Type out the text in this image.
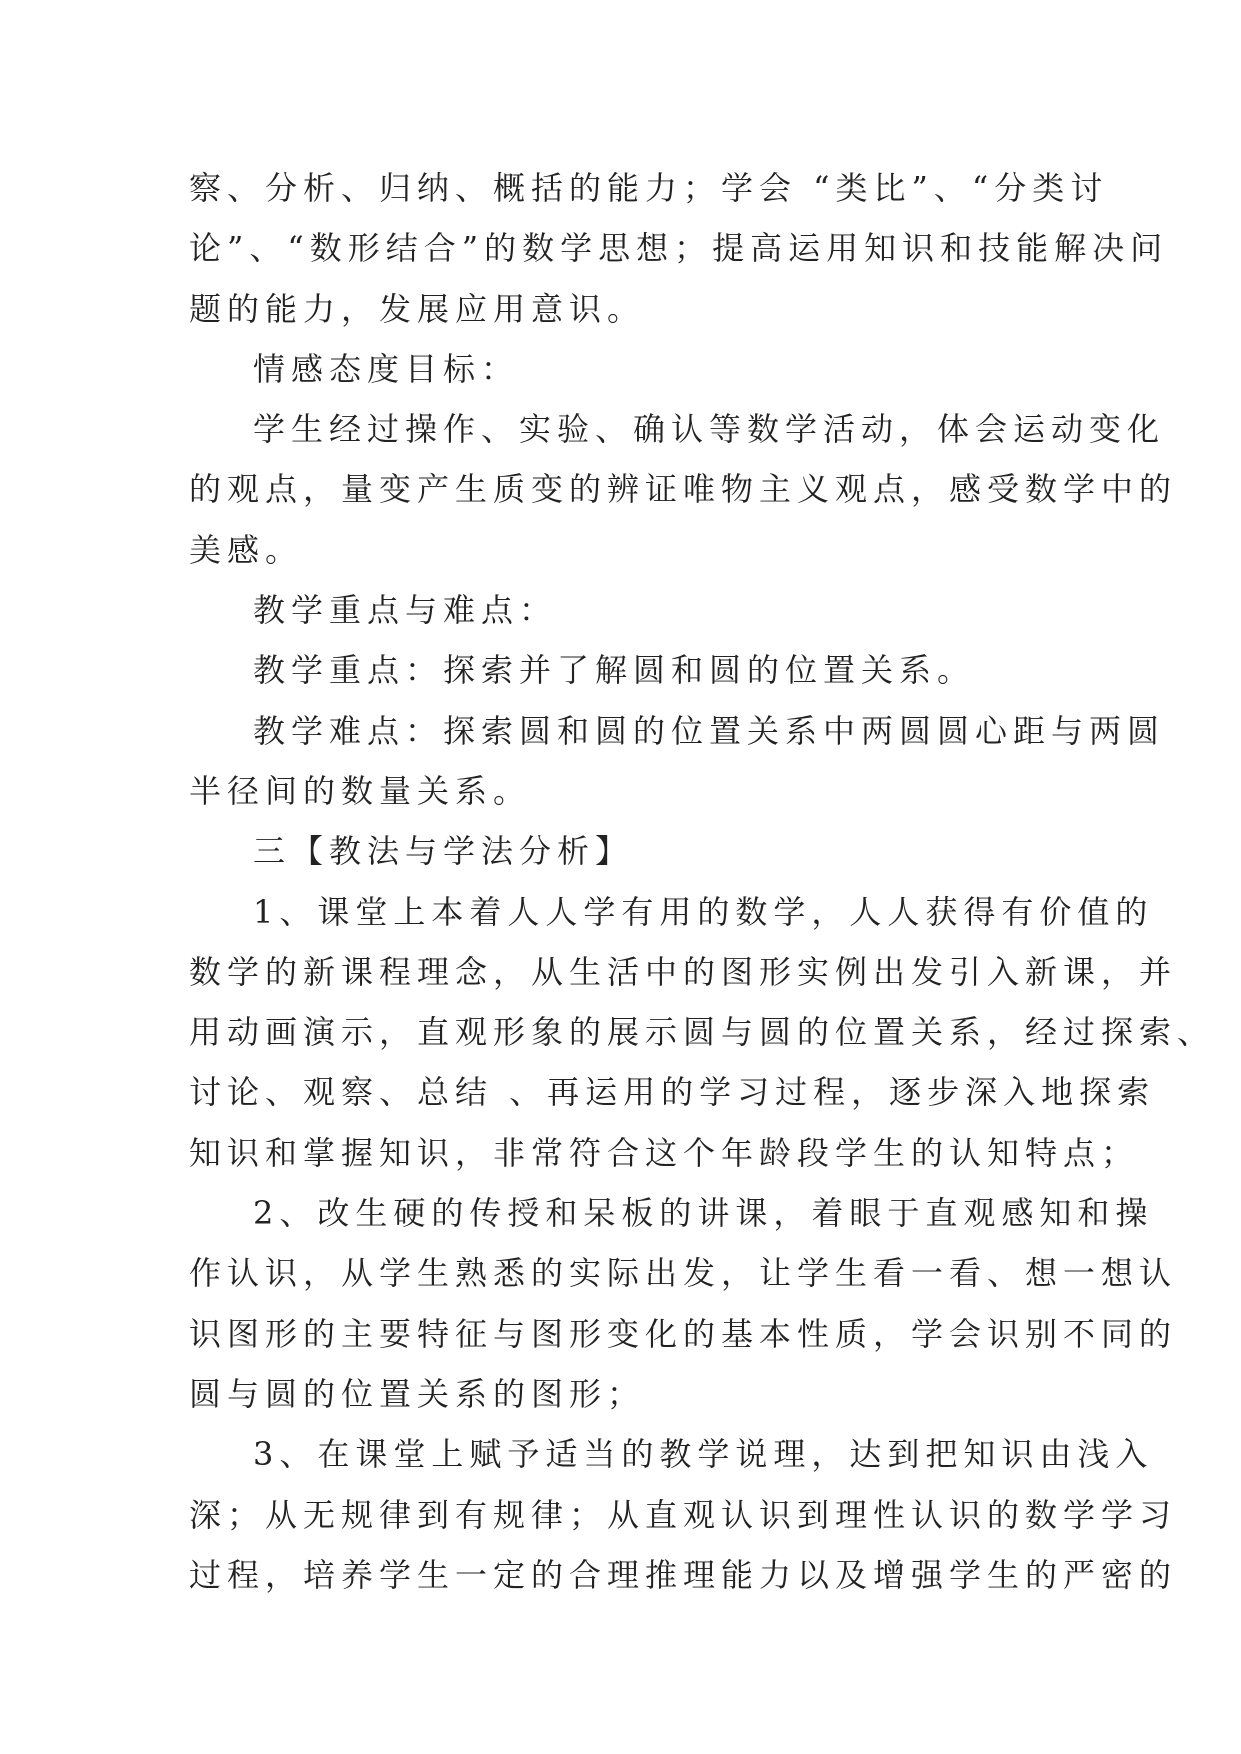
察、分析、归纳、概括的能力；学会 “类比”、“分类讨
论”、“数形结合”的数学思想；提高运用知识和技能解决问
题的能力，发展应用意识。
情感态度目标：
学生经过操作、实验、确认等数学活动，体会运动变化
的观点，量变产生质变的辨证唯物主义观点，感受数学中的
美感。
教学重点与难点：
教学重点：探索并了解圆和圆的位置关系。
教学难点：探索圆和圆的位置关系中两圆圆心距与两圆
半径间的数量关系。
三【教法与学法分析】
1、课堂上本着人人学有用的数学，人人获得有价值的
数学的新课程理念，从生活中的图形实例出发引入新课，并
用动画演示，直观形象的展示圆与圆的位置关系，经过探索、
讨论、观察、总结 、再运用的学习过程，逐步深入地探索
知识和掌握知识，非常符合这个年龄段学生的认知特点；
2、改生硬的传授和呆板的讲课，着眼于直观感知和操
作认识，从学生熟悉的实际出发，让学生看一看、想一想认
识图形的主要特征与图形变化的基本性质，学会识别不同的
圆与圆的位置关系的图形；
3、在课堂上赋予适当的教学说理，达到把知识由浅入
深；从无规律到有规律；从直观认识到理性认识的数学学习
过程，培养学生一定的合理推理能力以及增强学生的严密的
